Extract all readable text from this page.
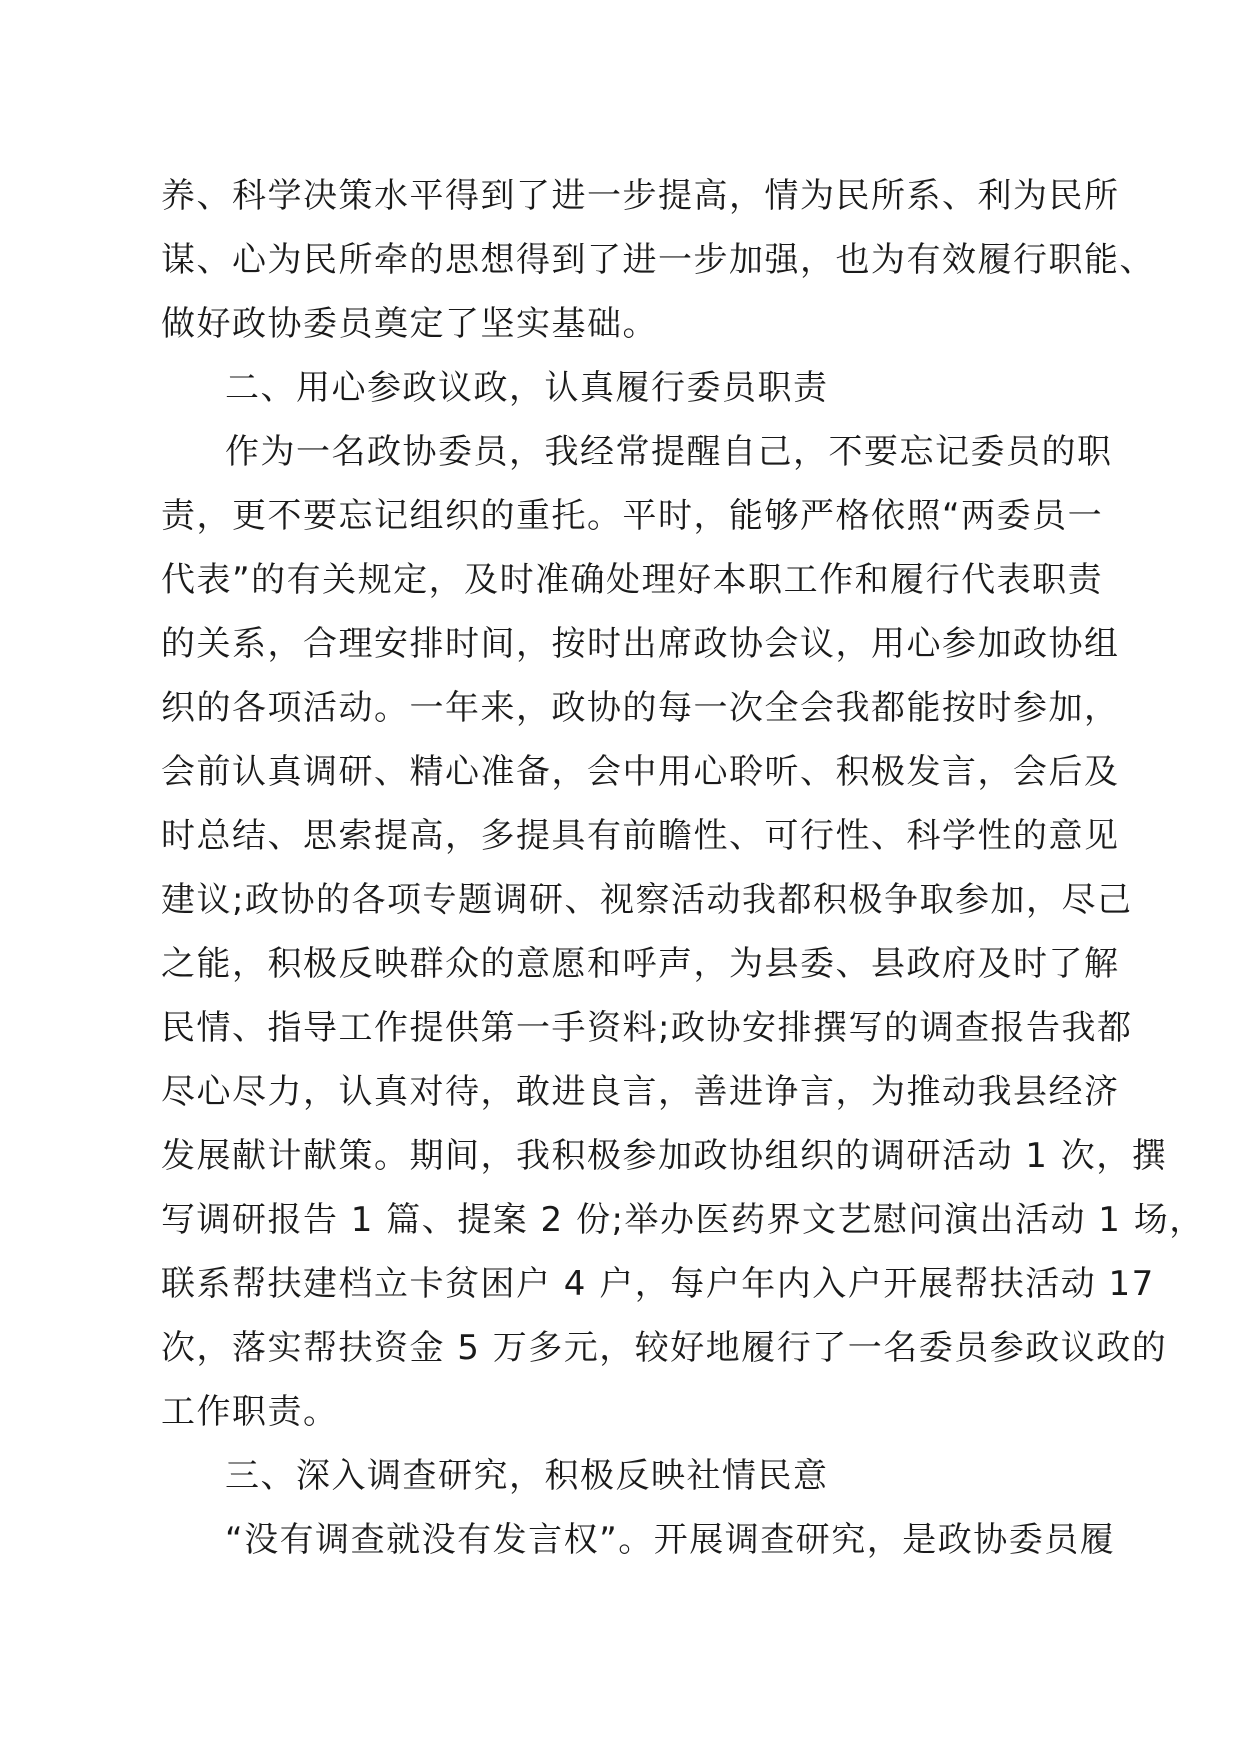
养、科学决策水平得到了进一步提高，情为民所系、利为民所
谋、心为民所牵的思想得到了进一步加强，也为有效履行职能、
做好政协委员奠定了坚实基础。
二、用心参政议政，认真履行委员职责
作为一名政协委员，我经常提醒自己，不要忘记委员的职
责，更不要忘记组织的重托。平时，能够严格依照“两委员一
代表”的有关规定，及时准确处理好本职工作和履行代表职责
的关系，合理安排时间，按时出席政协会议，用心参加政协组
织的各项活动。一年来，政协的每一次全会我都能按时参加，
会前认真调研、精心准备，会中用心聆听、积极发言，会后及
时总结、思索提高，多提具有前瞻性、可行性、科学性的意见
建议;政协的各项专题调研、视察活动我都积极争取参加，尽己
之能，积极反映群众的意愿和呼声，为县委、县政府及时了解
民情、指导工作提供第一手资料;政协安排撰写的调查报告我都
尽心尽力，认真对待，敢进良言，善进诤言，为推动我县经济
发展献计献策。期间，我积极参加政协组织的调研活动 1 次，撰
写调研报告 1 篇、提案 2 份;举办医药界文艺慰问演出活动 1 场，
联系帮扶建档立卡贫困户 4 户，每户年内入户开展帮扶活动 17
次，落实帮扶资金 5 万多元，较好地履行了一名委员参政议政的
工作职责。
三、深入调查研究，积极反映社情民意
“没有调查就没有发言权”。开展调查研究，是政协委员履
